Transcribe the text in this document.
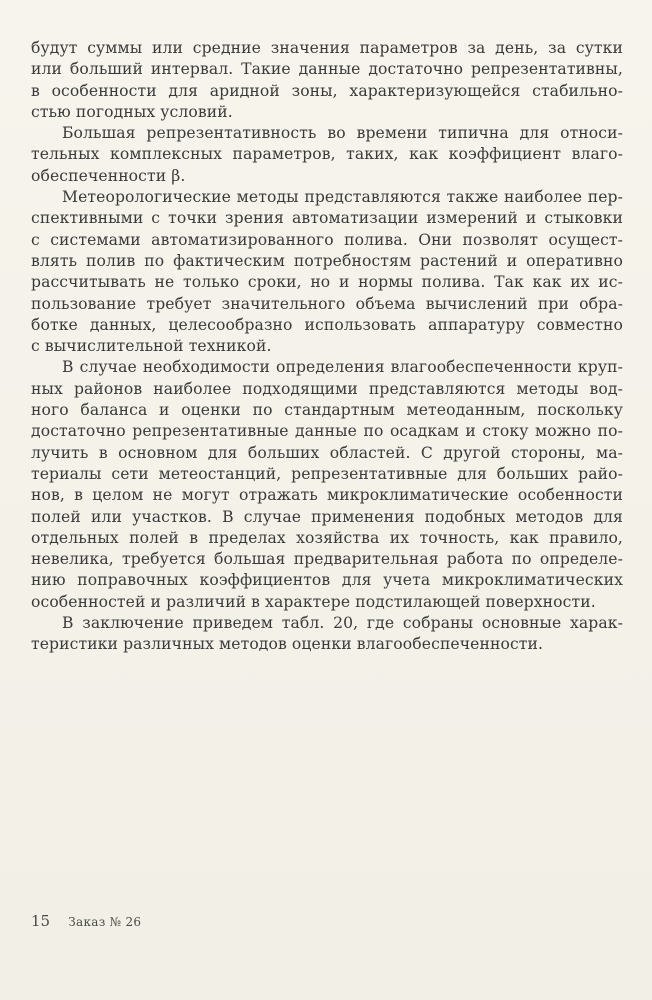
будут суммы или средние значения параметров за день, за сутки
или больший интервал. Такие данные достаточно репрезентативны,
в особенности для аридной зоны, характеризующейся стабильно-
стью погодных условий.
Большая репрезентативность во времени типична для относи-
тельных комплексных параметров, таких, как коэффициент влаго-
обеспеченности β.
Метеорологические методы представляются также наиболее пер-
спективными с точки зрения автоматизации измерений и стыковки
с системами автоматизированного полива. Они позволят осущест-
влять полив по фактическим потребностям растений и оперативно
рассчитывать не только сроки, но и нормы полива. Так как их ис-
пользование требует значительного объема вычислений при обра-
ботке данных, целесообразно использовать аппаратуру совместно
с вычислительной техникой.
В случае необходимости определения влагообеспеченности круп-
ных районов наиболее подходящими представляются методы вод-
ного баланса и оценки по стандартным метеоданным, поскольку
достаточно репрезентативные данные по осадкам и стоку можно по-
лучить в основном для больших областей. С другой стороны, ма-
териалы сети метеостанций, репрезентативные для больших райо-
нов, в целом не могут отражать микроклиматические особенности
полей или участков. В случае применения подобных методов для
отдельных полей в пределах хозяйства их точность, как правило,
невелика, требуется большая предварительная работа по определе-
нию поправочных коэффициентов для учета микроклиматических
особенностей и различий в характере подстилающей поверхности.
В заключение приведем табл. 20, где собраны основные харак-
теристики различных методов оценки влагообеспеченности.
15 Заказ № 26
